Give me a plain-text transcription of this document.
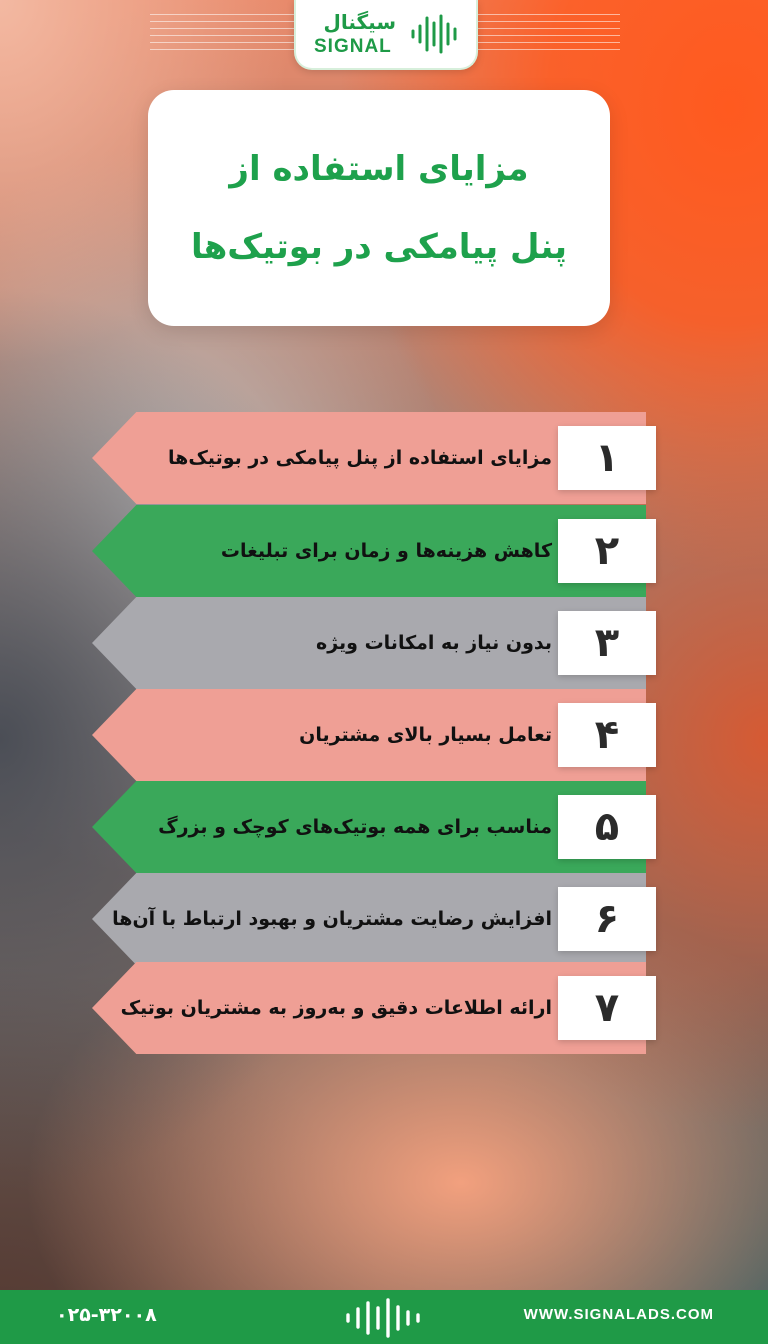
سیگنال
SIGNAL
مزایای استفاده از
پنل پیامکی در بوتیک‌ها
مزایای استفاده از پنل پیامکی در بوتیک‌ها	۱
کاهش هزینه‌ها و زمان برای تبلیغات	۲
بدون نیاز به امکانات ویژه	۳
تعامل بسیار بالای مشتریان	۴
مناسب برای همه بوتیک‌های کوچک و بزرگ	۵
افزایش رضایت مشتریان و بهبود ارتباط با آن‌ها	۶
ارائه اطلاعات دقیق و به‌روز به مشتریان بوتیک	۷
۰۲۵-۳۲۰۰۸	WWW.SIGNALADS.COM
